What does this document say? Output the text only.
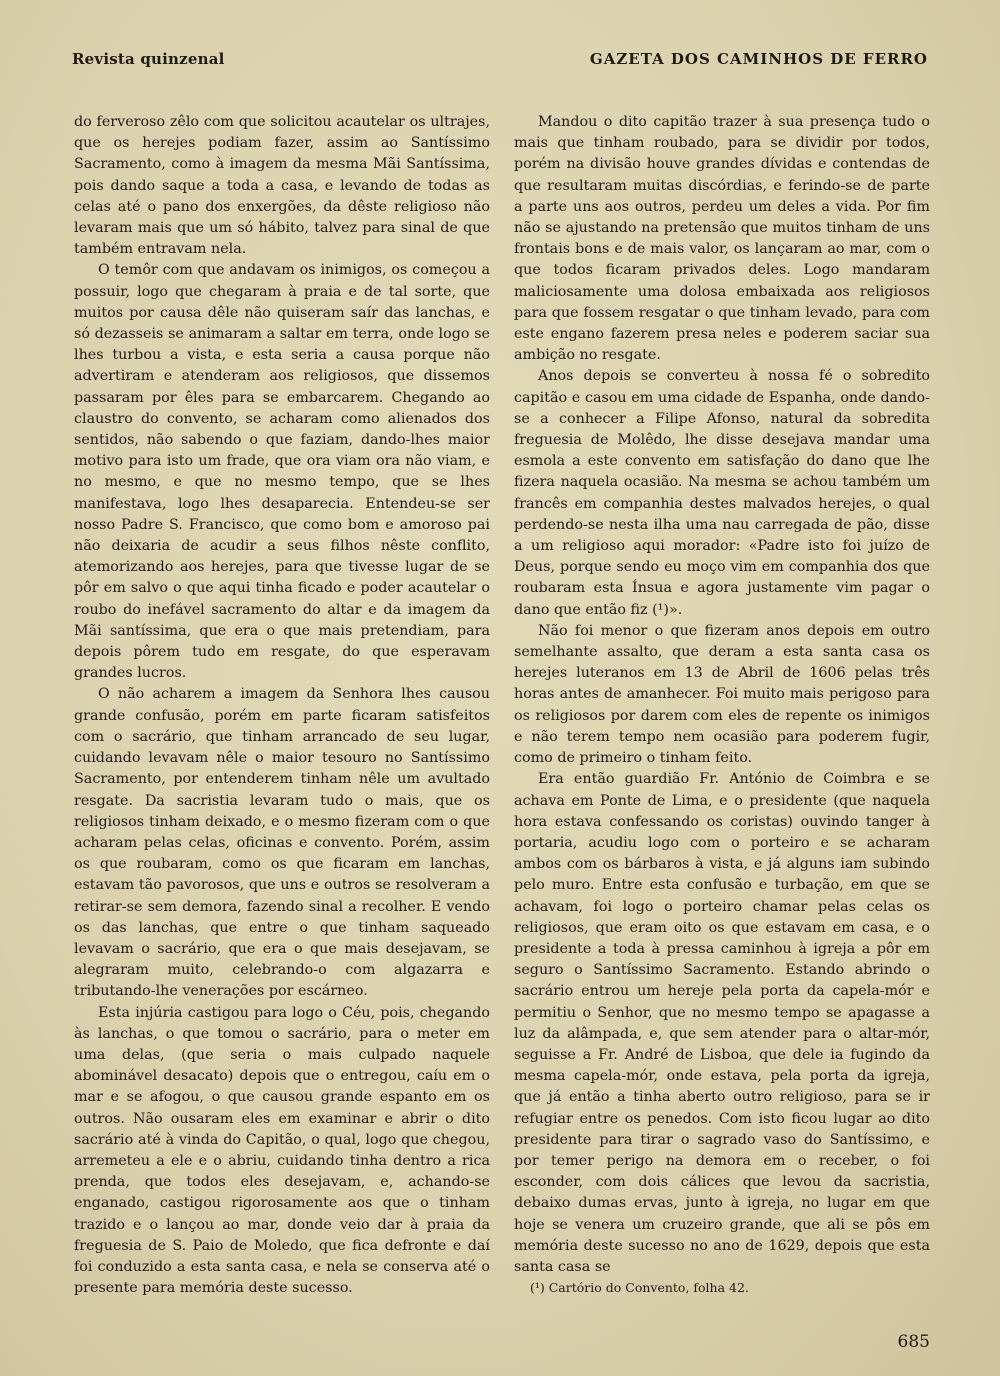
Revista quinzenal	GAZETA DOS CAMINHOS DE FERRO

do ferveroso zêlo com que solicitou acautelar os ultrajes, que os herejes podiam fazer, assim ao Santíssimo Sacramento, como à imagem da mesma Mãi Santíssima, pois dando saque a toda a casa, e levando de todas as celas até o pano dos enxergões, da dêste religioso não levaram mais que um só hábito, talvez para sinal de que também entravam nela.

O temôr com que andavam os inimigos, os começou a possuir, logo que chegaram à praia e de tal sorte, que muitos por causa dêle não quiseram saír das lanchas, e só dezasseis se animaram a saltar em terra, onde logo se lhes turbou a vista, e esta seria a causa porque não advertiram e atenderam aos religiosos, que dissemos passaram por êles para se embarcarem. Chegando ao claustro do convento, se acharam como alienados dos sentidos, não sabendo o que faziam, dando-lhes maior motivo para isto um frade, que ora viam ora não viam, e no mesmo, e que no mesmo tempo, que se lhes manifestava, logo lhes desaparecia. Entendeu-se ser nosso Padre S. Francisco, que como bom e amoroso pai não deixaria de acudir a seus filhos nêste conflito, atemorizando aos herejes, para que tivesse lugar de se pôr em salvo o que aqui tinha ficado e poder acautelar o roubo do inefável sacramento do altar e da imagem da Mãi santíssima, que era o que mais pretendiam, para depois pôrem tudo em resgate, do que esperavam grandes lucros.

O não acharem a imagem da Senhora lhes causou grande confusão, porém em parte ficaram satisfeitos com o sacrário, que tinham arrancado de seu lugar, cuidando levavam nêle o maior tesouro no Santíssimo Sacramento, por entenderem tinham nêle um avultado resgate. Da sacristia levaram tudo o mais, que os religiosos tinham deixado, e o mesmo fizeram com o que acharam pelas celas, oficinas e convento. Porém, assim os que roubaram, como os que ficaram em lanchas, estavam tão pavorosos, que uns e outros se resolveram a retirar-se sem demora, fazendo sinal a recolher. E vendo os das lanchas, que entre o que tinham saqueado levavam o sacrário, que era o que mais desejavam, se alegraram muito, celebrando-o com algazarra e tributando-lhe venerações por escárneo.

Esta injúria castigou para logo o Céu, pois, chegando às lanchas, o que tomou o sacrário, para o meter em uma delas, (que seria o mais culpado naquele abominável desacato) depois que o entregou, caíu em o mar e se afogou, o que causou grande espanto em os outros. Não ousaram eles em examinar e abrir o dito sacrário até à vinda do Capitão, o qual, logo que chegou, arremeteu a ele e o abriu, cuidando tinha dentro a rica prenda, que todos eles desejavam, e, achando-se enganado, castigou rigorosamente aos que o tinham trazido e o lançou ao mar, donde veio dar à praia da freguesia de S. Paio de Moledo, que fica defronte e daí foi conduzido a esta santa casa, e nela se conserva até o presente para memória deste sucesso.

Mandou o dito capitão trazer à sua presença tudo o mais que tinham roubado, para se dividir por todos, porém na divisão houve grandes dívidas e contendas de que resultaram muitas discórdias, e ferindo-se de parte a parte uns aos outros, perdeu um deles a vida. Por fim não se ajustando na pretensão que muitos tinham de uns frontais bons e de mais valor, os lançaram ao mar, com o que todos ficaram privados deles. Logo mandaram maliciosamente uma dolosa embaixada aos religiosos para que fossem resgatar o que tinham levado, para com este engano fazerem presa neles e poderem saciar sua ambição no resgate.

Anos depois se converteu à nossa fé o sobredito capitão e casou em uma cidade de Espanha, onde dando-se a conhecer a Filipe Afonso, natural da sobredita freguesia de Molêdo, lhe disse desejava mandar uma esmola a este convento em satisfação do dano que lhe fizera naquela ocasião. Na mesma se achou também um francês em companhia destes malvados herejes, o qual perdendo-se nesta ilha uma nau carregada de pão, disse a um religioso aqui morador: «Padre isto foi juízo de Deus, porque sendo eu moço vim em companhia dos que roubaram esta Ínsua e agora justamente vim pagar o dano que então fiz (¹)».

Não foi menor o que fizeram anos depois em outro semelhante assalto, que deram a esta santa casa os herejes luteranos em 13 de Abril de 1606 pelas três horas antes de amanhecer. Foi muito mais perigoso para os religiosos por darem com eles de repente os inimigos e não terem tempo nem ocasião para poderem fugir, como de primeiro o tinham feito.

Era então guardião Fr. António de Coimbra e se achava em Ponte de Lima, e o presidente (que naquela hora estava confessando os coristas) ouvindo tanger à portaria, acudiu logo com o porteiro e se acharam ambos com os bárbaros à vista, e já alguns iam subindo pelo muro. Entre esta confusão e turbação, em que se achavam, foi logo o porteiro chamar pelas celas os religiosos, que eram oito os que estavam em casa, e o presidente a toda à pressa caminhou à igreja a pôr em seguro o Santíssimo Sacramento. Estando abrindo o sacrário entrou um hereje pela porta da capela-mór e permitiu o Senhor, que no mesmo tempo se apagasse a luz da alâmpada, e, que sem atender para o altar-mór, seguisse a Fr. André de Lisboa, que dele ia fugindo da mesma capela-mór, onde estava, pela porta da igreja, que já então a tinha aberto outro religioso, para se ir refugiar entre os penedos. Com isto ficou lugar ao dito presidente para tirar o sagrado vaso do Santíssimo, e por temer perigo na demora em o receber, o foi esconder, com dois cálices que levou da sacristia, debaixo dumas ervas, junto à igreja, no lugar em que hoje se venera um cruzeiro grande, que ali se pôs em memória deste sucesso no ano de 1629, depois que esta santa casa se

(¹) Cartório do Convento, folha 42.
685
